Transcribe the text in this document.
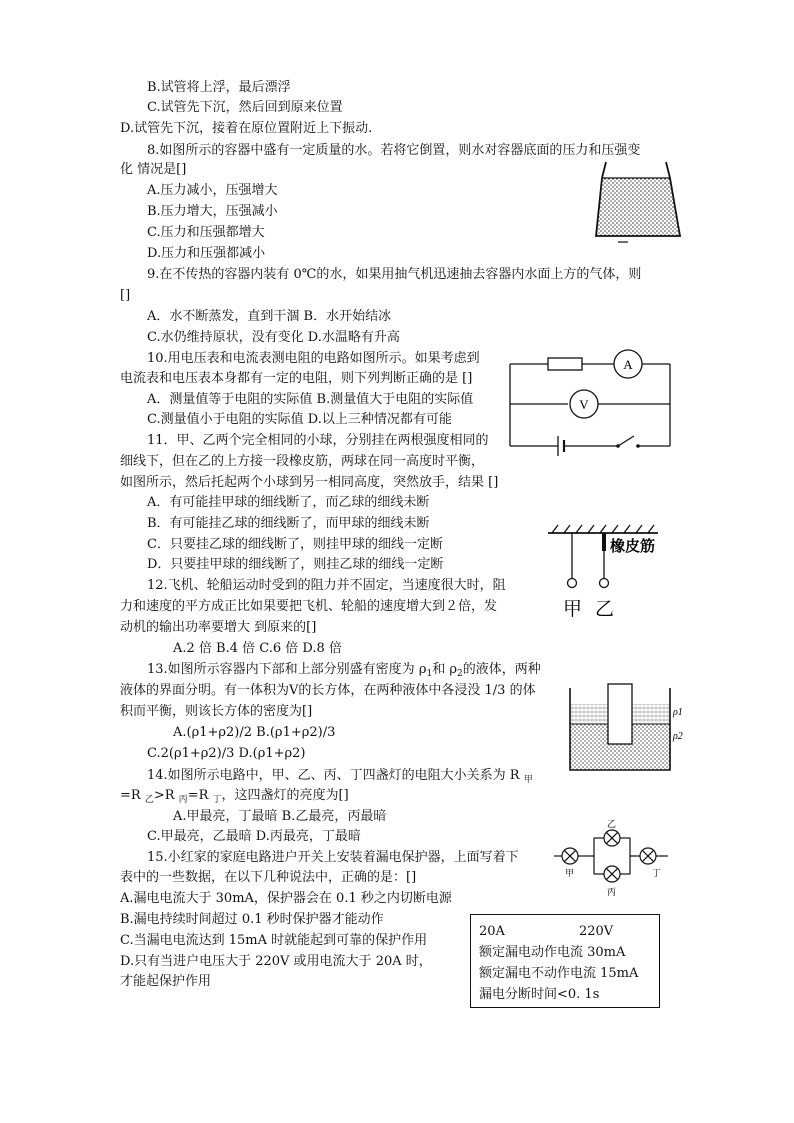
B.试管将上浮，最后漂浮
C.试管先下沉，然后回到原来位置
D.试管先下沉，接着在原位置附近上下振动.
8.如图所示的容器中盛有一定质量的水。若将它倒置，则水对容器底面的压力和压强变
化 情况是[]
A.压力减小，压强增大
B.压力增大，压强减小
C.压力和压强都增大
D.压力和压强都减小
9.在不传热的容器内装有 0℃的水，如果用抽气机迅速抽去容器内水面上方的气体，则
[]
A．水不断蒸发，直到干涸 B．水开始结冰
C.水仍维持原状，没有变化 D.水温略有升高
10.用电压表和电流表测电阻的电路如图所示。如果考虑到
电流表和电压表本身都有一定的电阻，则下列判断正确的是 []
A．测量值等于电阻的实际值 B.测量值大于电阻的实际值
C.测量值小于电阻的实际值 D.以上三种情况都有可能
A
V
11．甲、乙两个完全相同的小球，分别挂在两根强度相同的
细线下，但在乙的上方接一段橡皮筋，两球在同一高度时平衡，
如图所示，然后托起两个小球到另一相同高度，突然放手，结果 []
A．有可能挂甲球的细线断了，而乙球的细线未断
B．有可能挂乙球的细线断了，而甲球的细线未断
C．只要挂乙球的细线断了，则挂甲球的细线一定断
D．只要挂甲球的细线断了，则挂乙球的细线一定断
橡皮筋
甲 乙
12.飞机、轮船运动时受到的阻力并不固定，当速度很大时，阻
力和速度的平方成正比如果要把飞机、轮船的速度增大到２倍，发
动机的输出功率要增大 到原来的[]
A.2 倍 B.4 倍 C.6 倍 D.8 倍
13.如图所示容器内下部和上部分别盛有密度为 $\rho_1$和 $\rho_2$的液体，两种
液体的界面分明。有一体积为V的长方体，在两种液体中各浸没 1/3 的体
积而平衡，则该长方体的密度为[]
A.(ρ1+ρ2)/2 B.(ρ1+ρ2)/3
C.2(ρ1+ρ2)/3 D.(ρ1+ρ2)
ρ1
ρ2
14.如图所示电路中，甲、乙、丙、丁四盏灯的电阻大小关系为 R $_甲$
=R $_乙$>R $_丙$=R $_丁$，这四盏灯的亮度为[]
A.甲最亮，丁最暗 B.乙最亮，丙最暗
C.甲最亮，乙最暗 D.丙最亮，丁最暗
甲
乙
丙
丁
15.小红家的家庭电路进户开关上安装着漏电保护器，上面写着下
表中的一些数据，在以下几种说法中，正确的是：[]
A.漏电电流大于 30mA，保护器会在 0.1 秒之内切断电源
B.漏电持续时间超过 0.1 秒时保护器才能动作
C.当漏电电流达到 15mA 时就能起到可靠的保护作用
D.只有当进户电压大于 220V 或用电流大于 20A 时，
才能起保护作用
20A	220V
额定漏电动作电流 30mA
额定漏电不动作电流 15mA
漏电分断时间<0. 1s
